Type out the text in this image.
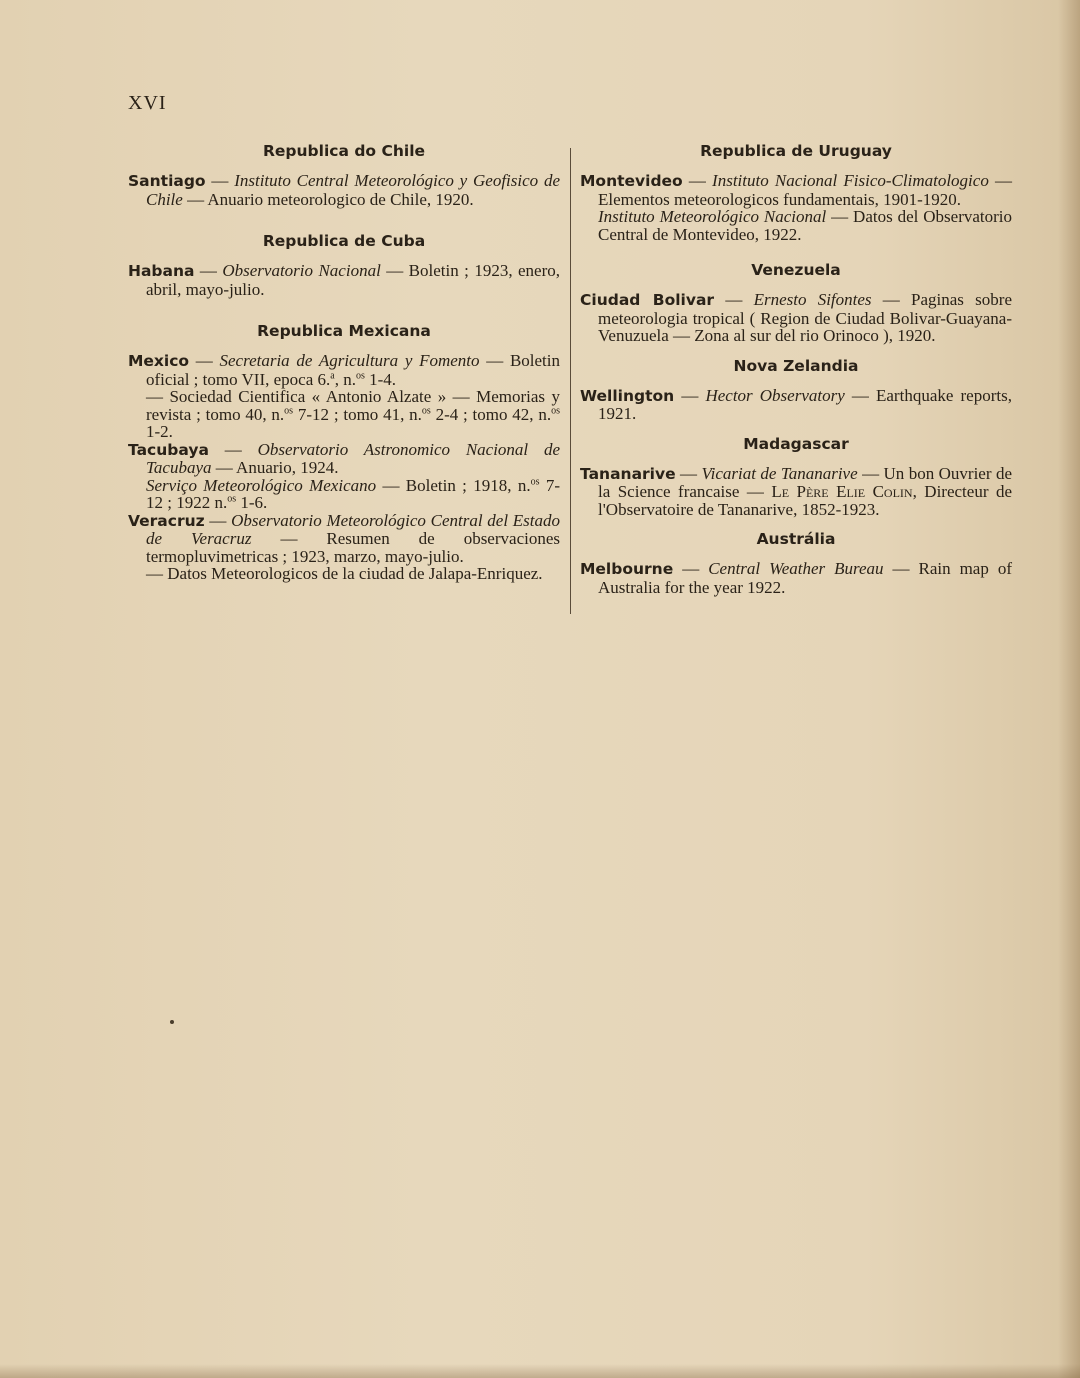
XVI

Republica do Chile

Santiago — Instituto Central Meteorológico y Geofisico de Chile — Anuario meteorologico de Chile, 1920.

Republica de Cuba

Habana — Observatorio Nacional — Boletin ; 1923, enero, abril, mayo-julio.

Republica Mexicana

Mexico — Secretaria de Agricultura y Fomento — Boletin oficial ; tomo VII, epoca 6.$^a$, n.$^{os}$ 1-4.

— Sociedad Cientifica « Antonio Alzate » — Memorias y revista ; tomo 40, n.$^{os}$ 7-12 ; tomo 41, n.$^{os}$ 2-4 ; tomo 42, n.$^{os}$ 1-2.

Tacubaya — Observatorio Astronomico Nacional de Tacubaya — Anuario, 1924.

Serviço Meteorológico Mexicano — Boletin ; 1918, n.$^{os}$ 7-12 ; 1922 n.$^{os}$ 1-6.

Veracruz — Observatorio Meteorológico Central del Estado de Veracruz — Resumen de observaciones termopluvimetricas ; 1923, marzo, mayo-julio.

— Datos Meteorologicos de la ciudad de Jalapa-Enriquez.

Republica de Uruguay

Montevideo — Instituto Nacional Fisico-Climatologico — Elementos meteorologicos fundamentais, 1901-1920.

Instituto Meteorológico Nacional — Datos del Observatorio Central de Montevideo, 1922.

Venezuela

Ciudad Bolivar — Ernesto Sifontes — Paginas sobre meteorologia tropical ( Region de Ciudad Bolivar-Guayana-Venuzuela — Zona al sur del rio Orinoco ), 1920.

Nova Zelandia

Wellington — Hector Observatory — Earthquake reports, 1921.

Madagascar

Tananarive — Vicariat de Tananarive — Un bon Ouvrier de la Science francaise — Le Père Elie Colin, Directeur de l'Observatoire de Tananarive, 1852-1923.

Austrália

Melbourne — Central Weather Bureau — Rain map of Australia for the year 1922.
